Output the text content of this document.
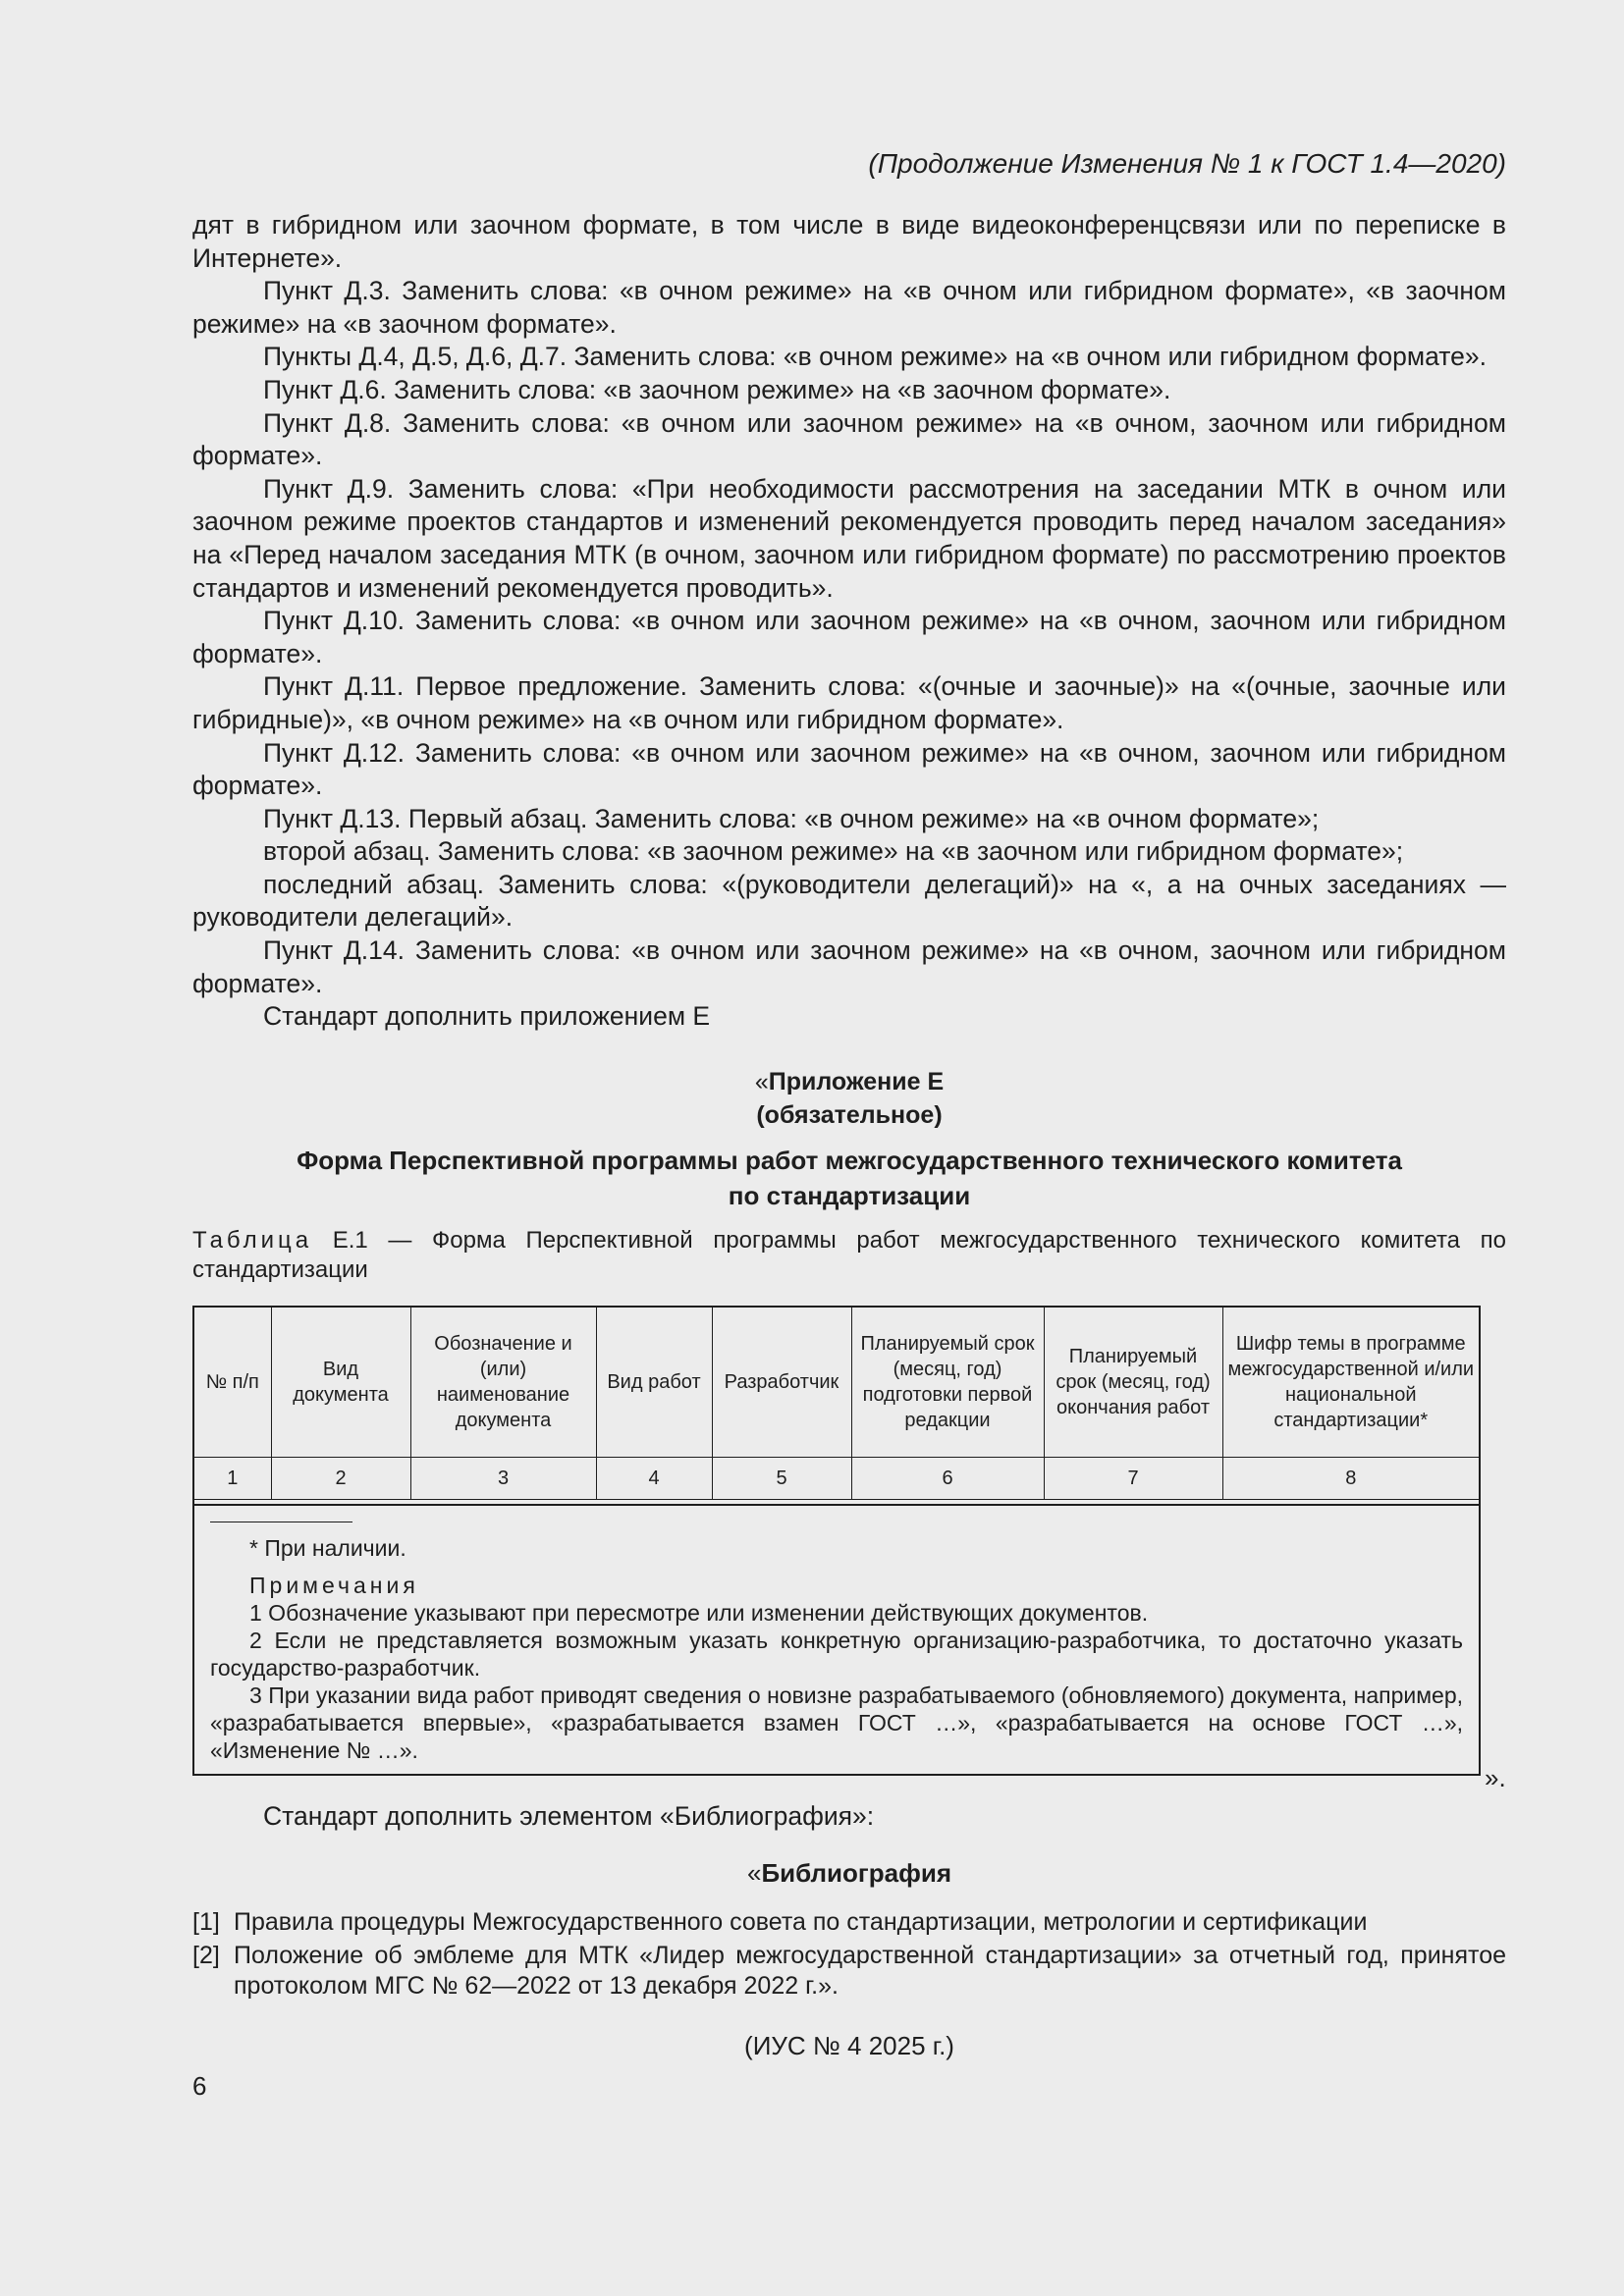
(Продолжение Изменения № 1 к ГОСТ 1.4—2020)

дят в гибридном или заочном формате, в том числе в виде видеоконференцсвязи или по переписке в Интернете».

Пункт Д.3. Заменить слова: «в очном режиме» на «в очном или гибридном формате», «в заочном режиме» на «в заочном формате».

Пункты Д.4, Д.5, Д.6, Д.7. Заменить слова: «в очном режиме» на «в очном или гибридном формате».

Пункт Д.6. Заменить слова: «в заочном режиме» на «в заочном формате».

Пункт Д.8. Заменить слова: «в очном или заочном режиме» на «в очном, заочном или гибридном формате».

Пункт Д.9. Заменить слова: «При необходимости рассмотрения на заседании МТК в очном или заочном режиме проектов стандартов и изменений рекомендуется проводить перед началом заседания» на «Перед началом заседания МТК (в очном, заочном или гибридном формате) по рассмотрению проектов стандартов и изменений рекомендуется проводить».

Пункт Д.10. Заменить слова: «в очном или заочном режиме» на «в очном, заочном или гибридном формате».

Пункт Д.11. Первое предложение. Заменить слова: «(очные и заочные)» на «(очные, заочные или гибридные)», «в очном режиме» на «в очном или гибридном формате».

Пункт Д.12. Заменить слова: «в очном или заочном режиме» на «в очном, заочном или гибридном формате».

Пункт Д.13. Первый абзац. Заменить слова: «в очном режиме» на «в очном формате»;

второй абзац. Заменить слова: «в заочном режиме» на «в заочном или гибридном формате»;

последний абзац. Заменить слова: «(руководители делегаций)» на «, а на очных заседаниях — руководители делегаций».

Пункт Д.14. Заменить слова: «в очном или заочном режиме» на «в очном, заочном или гибридном формате».

Стандарт дополнить приложением Е

«Приложение Е
(обязательное)
Форма Перспективной программы работ межгосударственного технического комитета
по стандартизации
Таблица Е.1 — Форма Перспективной программы работ межгосударственного технического комитета по стандартизации
№ п/п	Вид документа	Обозначение и (или) наименование документа	Вид работ	Разработчик	Планируемый срок (месяц, год) подготовки первой редакции	Планируемый срок (месяц, год) окончания работ	Шифр темы в программе межгосударственной и/или национальной стандартизации*
1	2	3	4	5	6	7	8

* При наличии.

Примечания

1 Обозначение указывают при пересмотре или изменении действующих документов.

2 Если не представляется возможным указать конкретную организацию-разработчика, то достаточно указать государство-разработчик.

3 При указании вида работ приводят сведения о новизне разрабатываемого (обновляемого) документа, например, «разрабатывается впервые», «разрабатывается взамен ГОСТ …», «разрабатывается на основе ГОСТ …», «Изменение № …».

».

Стандарт дополнить элементом «Библиография»:

«Библиография
[1] Правила процедуры Межгосударственного совета по стандартизации, метрологии и сертификации
[2] Положение об эмблеме для МТК «Лидер межгосударственной стандартизации» за отчетный год, принятое протоколом МГС № 62—2022 от 13 декабря 2022 г.».
(ИУС № 4 2025 г.)
6
